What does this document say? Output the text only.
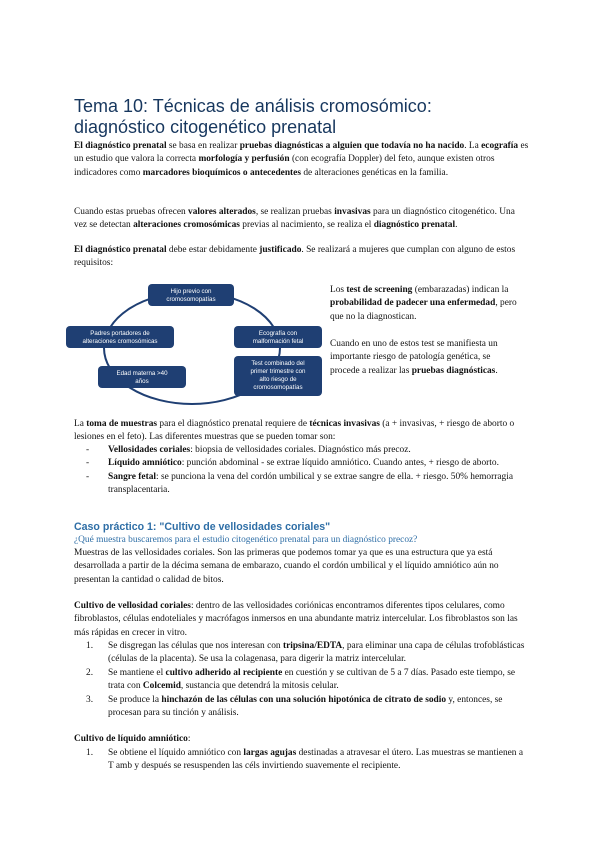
Tema 10: Técnicas de análisis cromosómico:
diagnóstico citogenético prenatal

El diagnóstico prenatal se basa en realizar pruebas diagnósticas a alguien que todavía no ha nacido. La ecografía es un estudio que valora la correcta morfología y perfusión (con ecografía Doppler) del feto, aunque existen otros indicadores como marcadores bioquímicos o antecedentes de alteraciones genéticas en la familia.

Cuando estas pruebas ofrecen valores alterados, se realizan pruebas invasivas para un diagnóstico citogenético. Una vez se detectan alteraciones cromosómicas previas al nacimiento, se realiza el diagnóstico prenatal.

El diagnóstico prenatal debe estar debidamente justificado. Se realizará a mujeres que cumplan con alguno de estos requisitos:

Hijo previo con
cromosomopatías
Ecografía con
malformación fetal
Test combinado del
primer trimestre con
alto riesgo de
cromosomopatías
Edad materna >40
años
Padres portadores de
alteraciones cromosómicas

Los test de screening (embarazadas) indican la probabilidad de padecer una enfermedad, pero que no la diagnostican.

Cuando en uno de estos test se manifiesta un importante riesgo de patología genética, se procede a realizar las pruebas diagnósticas.

La toma de muestras para el diagnóstico prenatal requiere de técnicas invasivas (a + invasivas, + riesgo de aborto o lesiones en el feto). Las diferentes muestras que se pueden tomar son:

- Vellosidades coriales: biopsia de vellosidades coriales. Diagnóstico más precoz.
- Líquido amniótico: punción abdominal - se extrae líquido amniótico. Cuando antes, + riesgo de aborto.
- Sangre fetal: se punciona la vena del cordón umbilical y se extrae sangre de ella. + riesgo. 50% hemorragia transplacentaria.
Caso práctico 1: "Cultivo de vellosidades coriales"

¿Qué muestra buscaremos para el estudio citogenético prenatal para un diagnóstico precoz?

Muestras de las vellosidades coriales. Son las primeras que podemos tomar ya que es una estructura que ya está desarrollada a partir de la décima semana de embarazo, cuando el cordón umbilical y el líquido amniótico aún no presentan la cantidad o calidad de bitos.

Cultivo de vellosidad coriales: dentro de las vellosidades coriónicas encontramos diferentes tipos celulares, como fibroblastos, células endoteliales y macrófagos inmersos en una abundante matriz intercelular. Los fibroblastos son las más rápidas en crecer in vitro.

1. Se disgregan las células que nos interesan con tripsina/EDTA, para eliminar una capa de células trofoblásticas (células de la placenta). Se usa la colagenasa, para digerir la matriz intercelular.
2. Se mantiene el cultivo adherido al recipiente en cuestión y se cultivan de 5 a 7 días. Pasado este tiempo, se trata con Colcemid, sustancia que detendrá la mitosis celular.
3. Se produce la hinchazón de las células con una solución hipotónica de citrato de sodio y, entonces, se procesan para su tinción y análisis.

Cultivo de líquido amniótico:

1. Se obtiene el líquido amniótico con largas agujas destinadas a atravesar el útero. Las muestras se mantienen a T amb y después se resuspenden las céls invirtiendo suavemente el recipiente.
